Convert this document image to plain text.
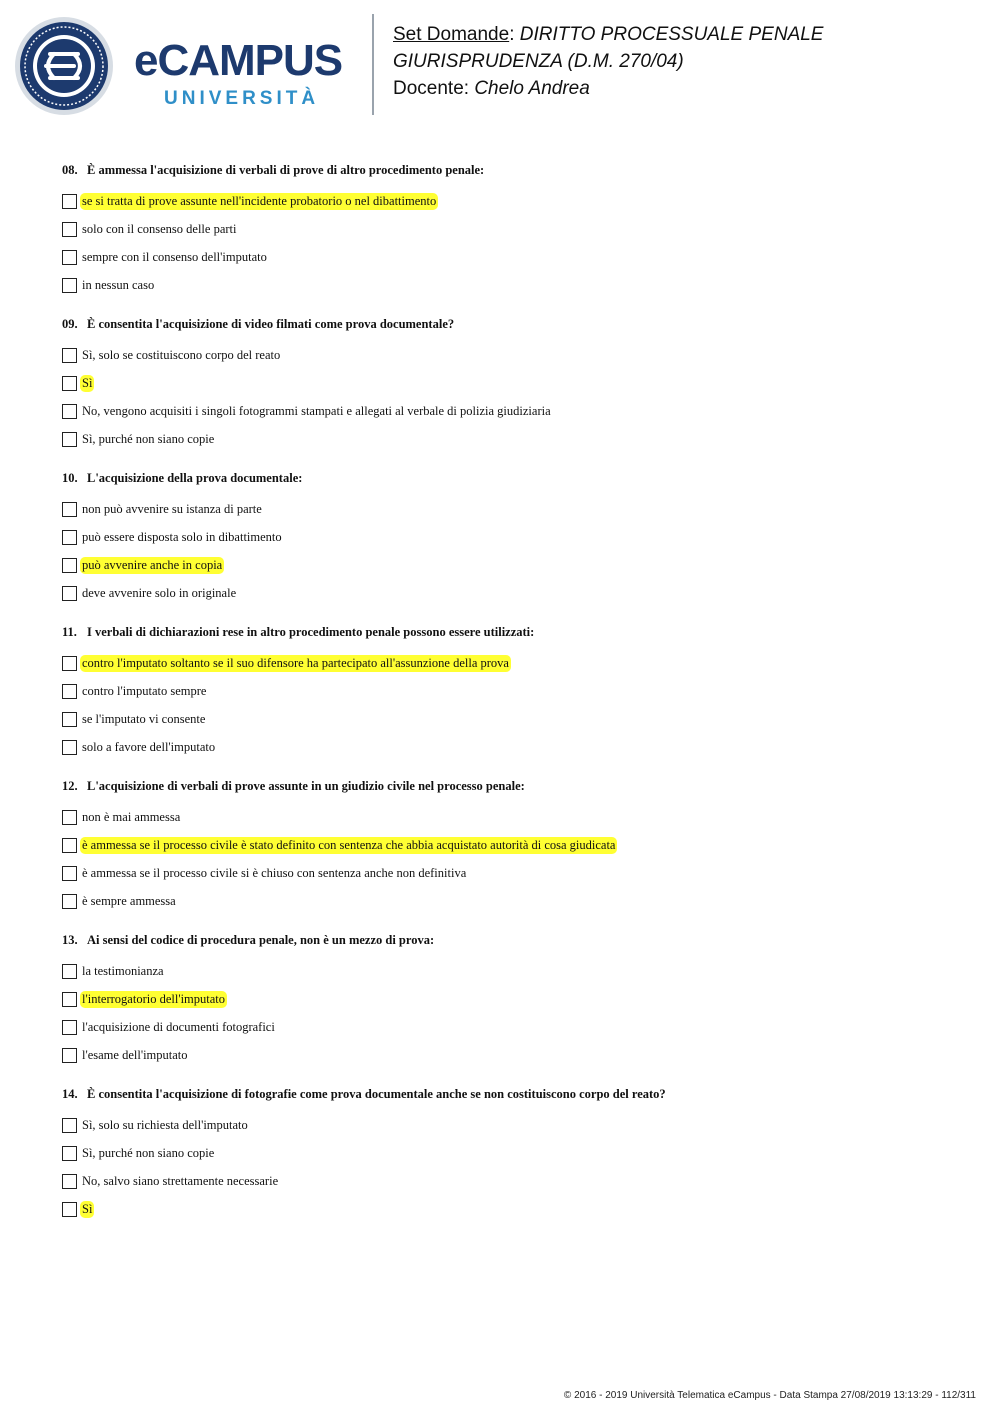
eCAMPUS
UNIVERSITÀ
Set Domande: DIRITTO PROCESSUALE PENALE
GIURISPRUDENZA (D.M. 270/04)
Docente: Chelo Andrea
08. È ammessa l'acquisizione di verbali di prove di altro procedimento penale:
se si tratta di prove assunte nell'incidente probatorio o nel dibattimento
solo con il consenso delle parti
sempre con il consenso dell'imputato
in nessun caso
09. È consentita l'acquisizione di video filmati come prova documentale?
Sì, solo se costituiscono corpo del reato
Sì
No, vengono acquisiti i singoli fotogrammi stampati e allegati al verbale di polizia giudiziaria
Sì, purché non siano copie
10. L'acquisizione della prova documentale:
non può avvenire su istanza di parte
può essere disposta solo in dibattimento
può avvenire anche in copia
deve avvenire solo in originale
11. I verbali di dichiarazioni rese in altro procedimento penale possono essere utilizzati:
contro l'imputato soltanto se il suo difensore ha partecipato all'assunzione della prova
contro l'imputato sempre
se l'imputato vi consente
solo a favore dell'imputato
12. L'acquisizione di verbali di prove assunte in un giudizio civile nel processo penale:
non è mai ammessa
è ammessa se il processo civile è stato definito con sentenza che abbia acquistato autorità di cosa giudicata
è ammessa se il processo civile si è chiuso con sentenza anche non definitiva
è sempre ammessa
13. Ai sensi del codice di procedura penale, non è un mezzo di prova:
la testimonianza
l'interrogatorio dell'imputato
l'acquisizione di documenti fotografici
l'esame dell'imputato
14. È consentita l'acquisizione di fotografie come prova documentale anche se non costituiscono corpo del reato?
Sì, solo su richiesta dell'imputato
Sì, purché non siano copie
No, salvo siano strettamente necessarie
Sì
© 2016 - 2019 Università Telematica eCampus - Data Stampa 27/08/2019 13:13:29 - 112/311
